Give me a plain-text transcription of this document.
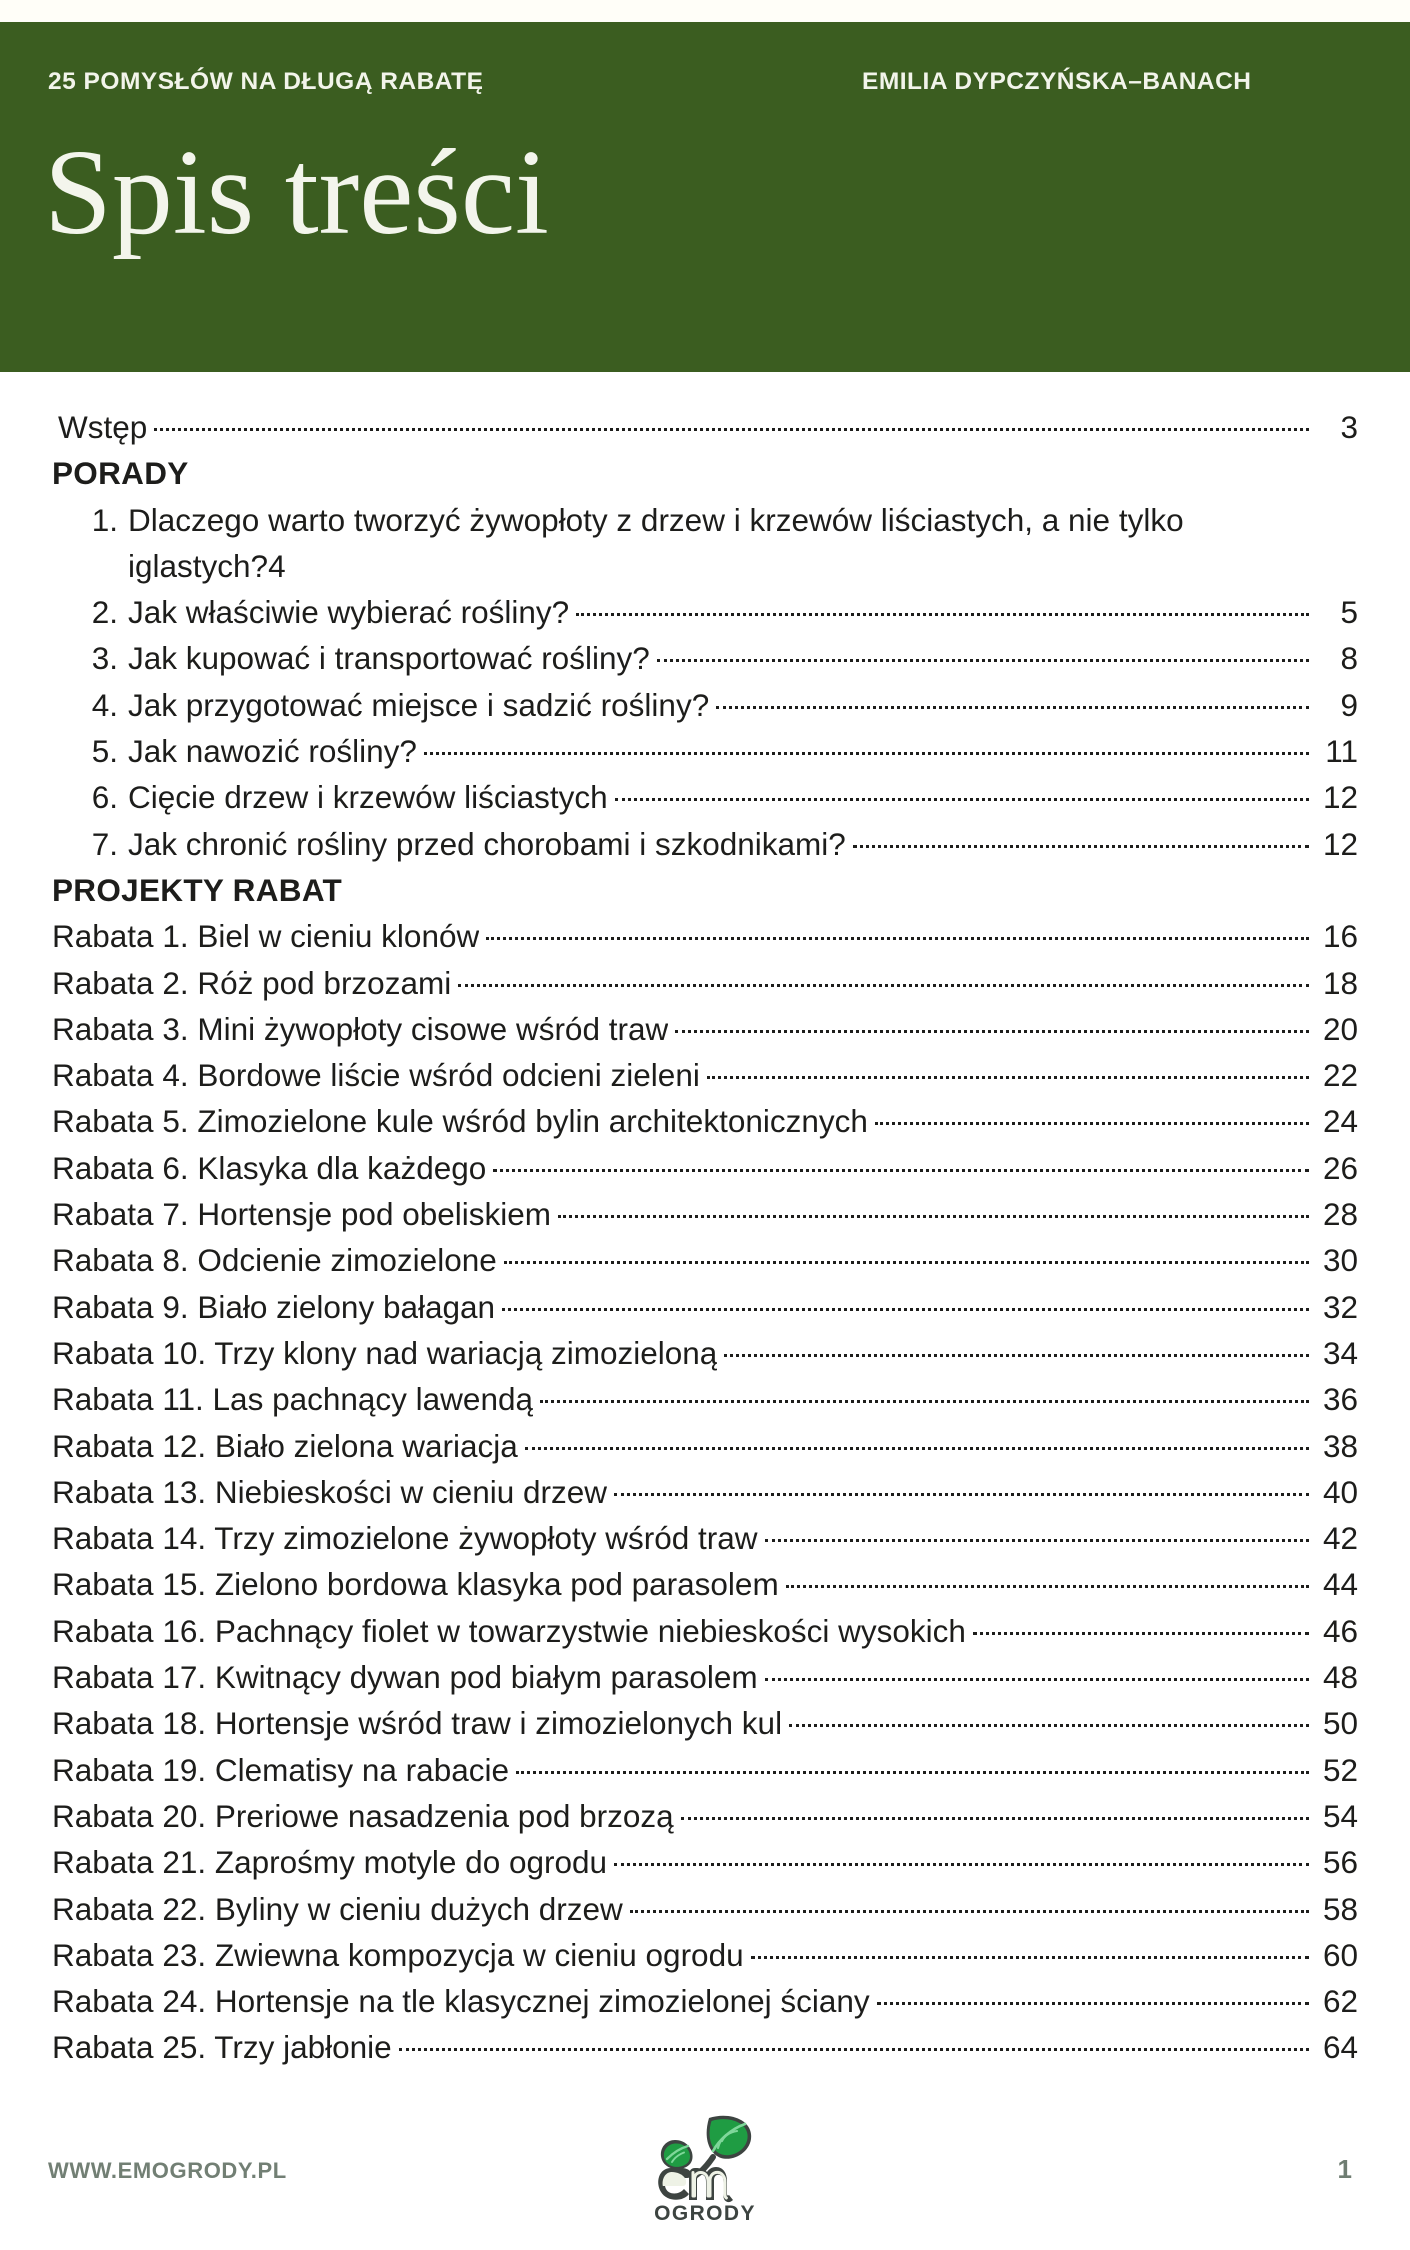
25 POMYSŁÓW NA DŁUGĄ RABATĘ	EMILIA DYPCZYŃSKA–BANACH
Spis treści
Wstęp	3
PORADY
1. Dlaczego warto tworzyć żywopłoty z drzew i krzewów liściastych, a nie tylko
iglastych? 4
2. Jak właściwie wybierać rośliny?	5
3. Jak kupować i transportować rośliny?	8
4. Jak przygotować miejsce i sadzić rośliny?	9
5. Jak nawozić rośliny?	11
6. Cięcie drzew i krzewów liściastych	12
7. Jak chronić rośliny przed chorobami i szkodnikami?	12
PROJEKTY RABAT
Rabata 1. Biel w cieniu klonów	16
Rabata 2. Róż pod brzozami	18
Rabata 3. Mini żywopłoty cisowe wśród traw	20
Rabata 4. Bordowe liście wśród odcieni zieleni	22
Rabata 5. Zimozielone kule wśród bylin architektonicznych	24
Rabata 6. Klasyka dla każdego	26
Rabata 7. Hortensje pod obeliskiem	28
Rabata 8. Odcienie zimozielone	30
Rabata 9. Biało zielony bałagan	32
Rabata 10. Trzy klony nad wariacją zimozieloną	34
Rabata 11. Las pachnący lawendą	36
Rabata 12. Biało zielona wariacja	38
Rabata 13. Niebieskości w cieniu drzew	40
Rabata 14. Trzy zimozielone żywopłoty wśród traw	42
Rabata 15. Zielono bordowa klasyka pod parasolem	44
Rabata 16. Pachnący fiolet w towarzystwie niebieskości wysokich	46
Rabata 17. Kwitnący dywan pod białym parasolem	48
Rabata 18. Hortensje wśród traw i zimozielonych kul	50
Rabata 19. Clematisy na rabacie	52
Rabata 20. Preriowe nasadzenia pod brzozą	54
Rabata 21. Zaprośmy motyle do ogrodu	56
Rabata 22. Byliny w cieniu dużych drzew	58
Rabata 23. Zwiewna kompozycja w cieniu ogrodu	60
Rabata 24. Hortensje na tle klasycznej zimozielonej ściany	62
Rabata 25. Trzy jabłonie	64
WWW.EMOGRODY.PL
OGRODY
1
